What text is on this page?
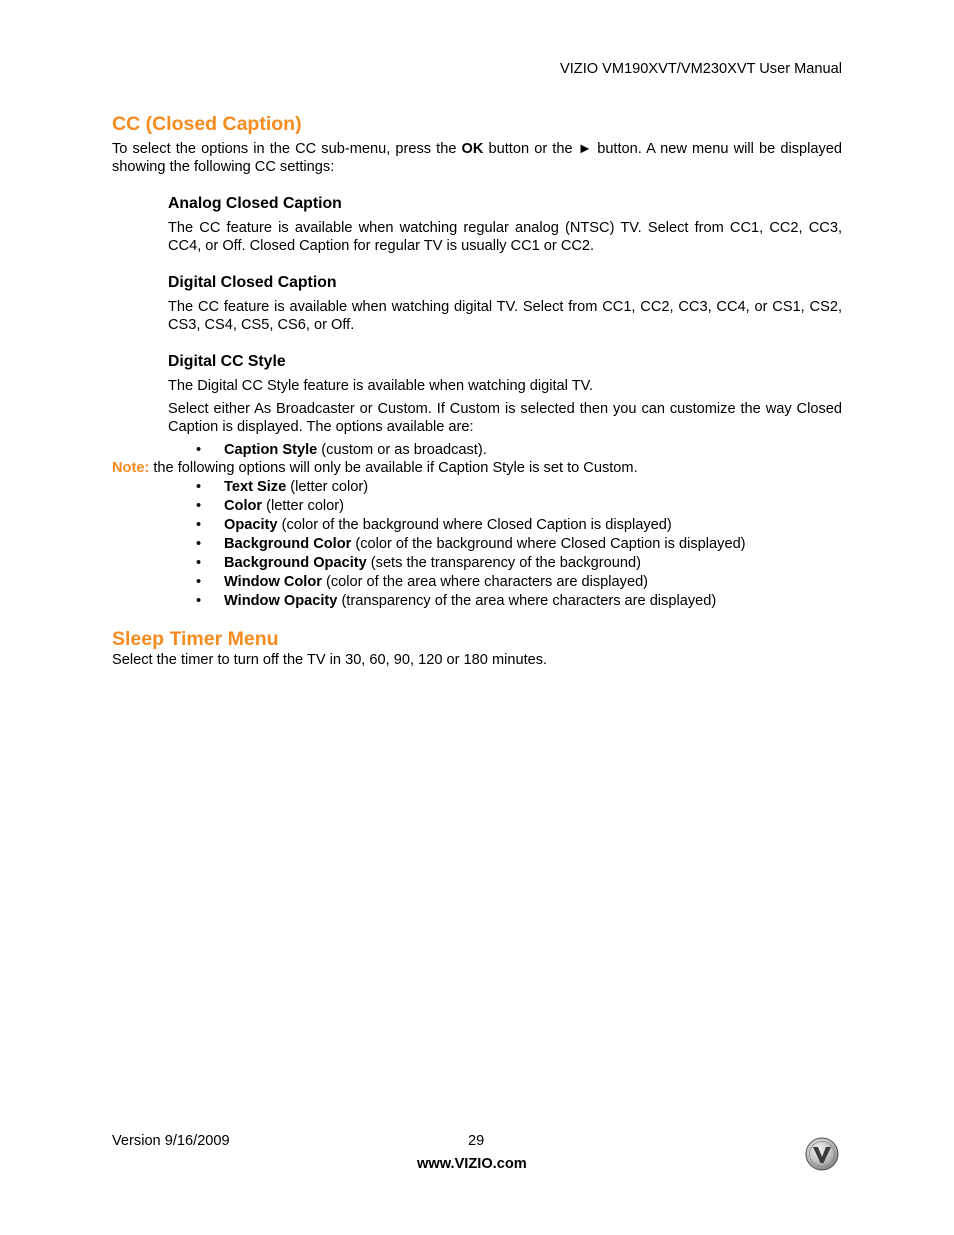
VIZIO VM190XVT/VM230XVT User Manual
CC (Closed Caption)
To select the options in the CC sub-menu, press the OK button or the ► button. A new menu will be displayed showing the following CC settings:
Analog Closed Caption
The CC feature is available when watching regular analog (NTSC) TV. Select from CC1, CC2, CC3, CC4, or Off. Closed Caption for regular TV is usually CC1 or CC2.
Digital Closed Caption
The CC feature is available when watching digital TV. Select from CC1, CC2, CC3, CC4, or CS1, CS2, CS3, CS4, CS5, CS6, or Off.
Digital CC Style
The Digital CC Style feature is available when watching digital TV.
Select either As Broadcaster or Custom. If Custom is selected then you can customize the way Closed Caption is displayed. The options available are:
• Caption Style (custom or as broadcast).
Note: the following options will only be available if Caption Style is set to Custom.
• Text Size (letter color)
• Color (letter color)
• Opacity (color of the background where Closed Caption is displayed)
• Background Color (color of the background where Closed Caption is displayed)
• Background Opacity (sets the transparency of the background)
• Window Color (color of the area where characters are displayed)
• Window Opacity (transparency of the area where characters are displayed)
Sleep Timer Menu
Select the timer to turn off the TV in 30, 60, 90, 120 or 180 minutes.
Version 9/16/2009	29
www.VIZIO.com
